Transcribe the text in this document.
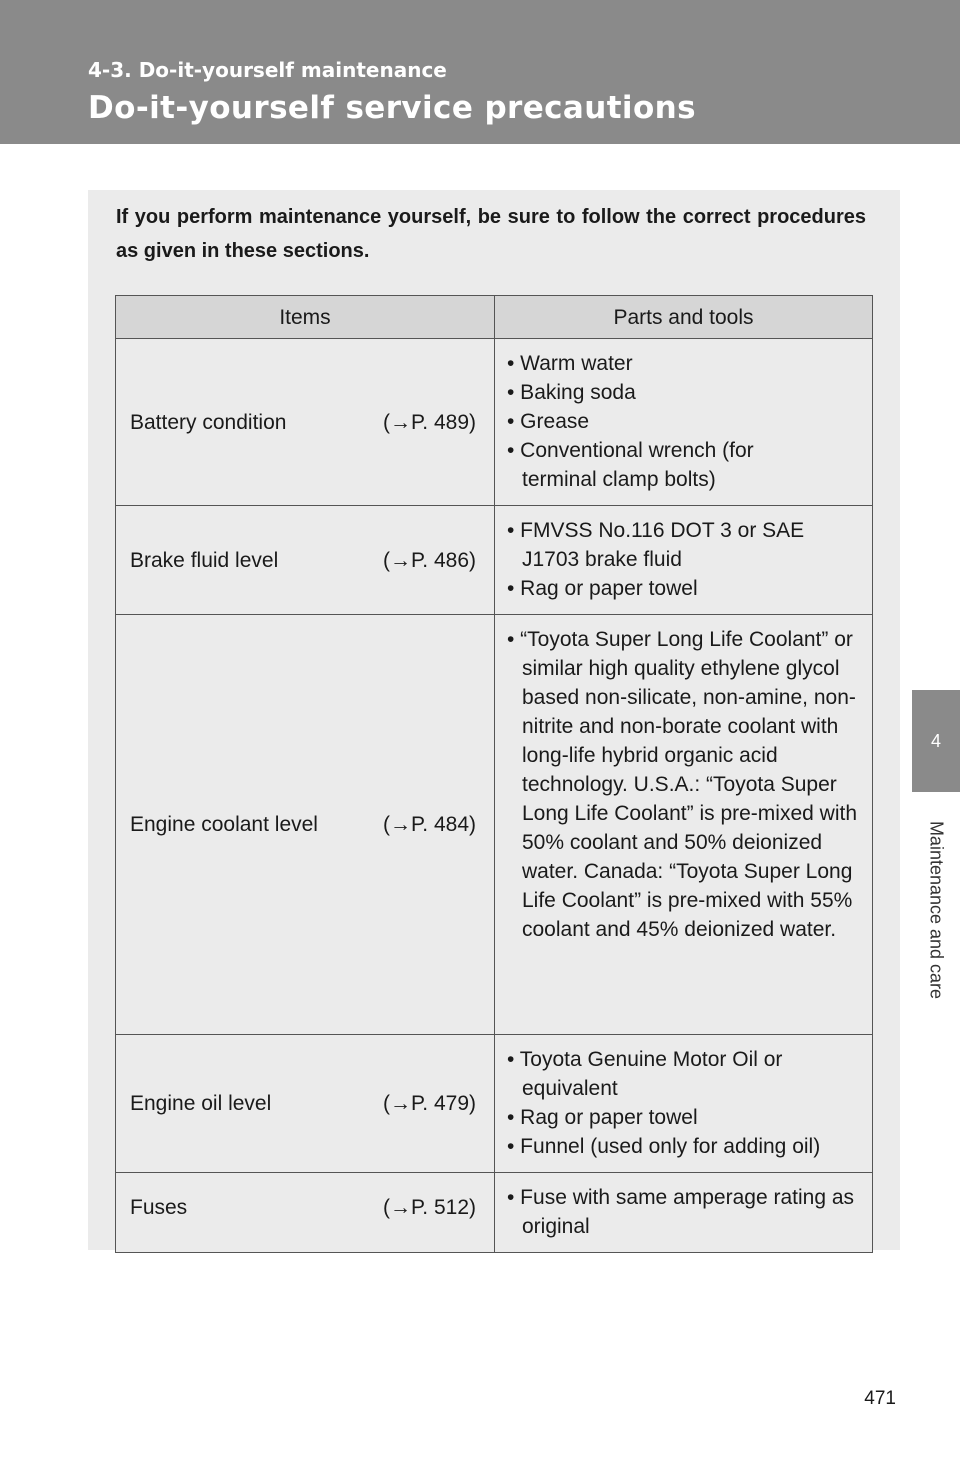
4-3. Do-it-yourself maintenance

Do-it-yourself service precautions
4
Maintenance and care

If you perform maintenance yourself, be sure to follow the correct procedures as given in these sections.

Items	Parts and tools

Battery condition (→P. 489)	• Warm water
• Baking soda
• Grease
• Conventional wrench (for terminal clamp bolts)

Brake fluid level (→P. 486)	• FMVSS No.116 DOT 3 or SAE J1703 brake fluid
• Rag or paper towel

Engine coolant level (→P. 484)	• “Toyota Super Long Life Coolant” or similar high quality ethylene glycol based non-silicate, non-amine, non-nitrite and non-borate coolant with long-life hybrid organic acid technology. U.S.A.: “Toyota Super Long Life Coolant” is pre-mixed with 50% coolant and 50% deionized water. Canada: “Toyota Super Long Life Coolant” is pre-mixed with 55% coolant and 45% deionized water.

Engine oil level (→P. 479)	• Toyota Genuine Motor Oil or equivalent
• Rag or paper towel
• Funnel (used only for adding oil)

Fuses (→P. 512)	• Fuse with same amperage rating as original
471
